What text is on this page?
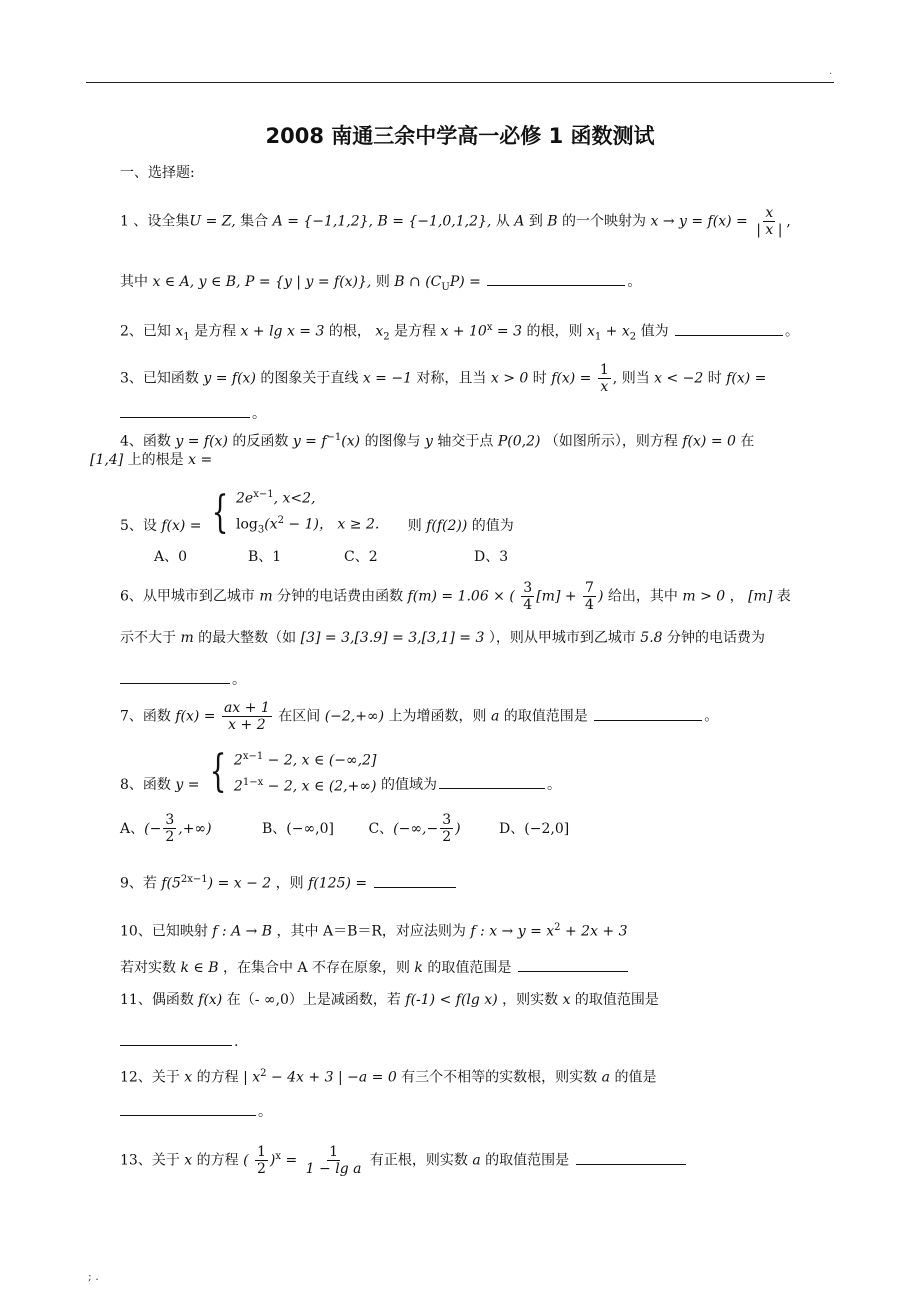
.
2008 南通三余中学高一必修 1 函数测试
一、选择题:
1 、设全集U = Z, 集合 A = {−1,1,2}, B = {−1,0,1,2}, 从 A 到 B 的一个映射为 $x \to y = f(x) = \frac{x}{| x |}$ ,
其中 x ∈ A, y ∈ B, P = {y | y = f(x)}, 则 B ∩ $(C_UP)$ =	。
2、已知 $x_1$ 是方程 x + lg x = 3 的根， $x_2$ 是方程 $x + 10^x = 3$ 的根，则 $x_1 + x_2$ 值为	。
3、已知函数 y = f(x) 的图象关于直线 x = −1 对称，且当 x > 0 时 $f(x) = \frac{1}{x}$ , 则当 x < −2 时 f(x) =
。
4、函数 y = f(x) 的反函数 $y = f^{-1}(x)$ 的图像与 y 轴交于点 P(0,2) （如图所示），则方程 f(x) = 0 在
[1,4] 上的根是 x =
5、设 f(x) = { $2e^{x-1}$, x<2,
$\log_3(x^2 - 1)$， x ≥ 2. 则 f(f(2)) 的值为
A、0	B、1	C、2	D、3
6、从甲城市到乙城市 m 分钟的电话费由函数 f(m) = 1.06 × ( $\frac{3}{4} [m] + \frac{7}{4}$ ) 给出，其中 m > 0 ， [m] 表
示不大于 m 的最大整数（如 [3] = 3,[3.9] = 3,[3,1] = 3 ），则从甲城市到乙城市 5.8 分钟的电话费为
。
7、函数 $f(x) = \frac{ax + 1}{x + 2}$ 在区间 (−2,+∞) 上为增函数，则 a 的取值范围是	。
8、函数 y = { $2^{x-1} - 2$, x ∈ (−∞,2]
$2^{1-x} - 2$, x ∈ (2,+∞) 的值域为	。
A、(− $\frac{3}{2}$ ,+∞)	B、(−∞,0] C、(−∞,− $\frac{3}{2}$ )	D、(−2,0]
9、若 $f(5^{2x-1}) = x - 2$ ，则 f(125) =
10、已知映射 f : A → B ，其中 A＝B＝R，对应法则为 f : $x \to y = x^2 + 2x + 3$
若对实数 k ∈ B ，在集合中 A 不存在原象，则 k 的取值范围是
11、偶函数 f(x) 在（- ∞,0）上是减函数，若 f(-1) < f(lg x) ，则实数 x 的取值范围是
.
12、关于 x 的方程 | $x^2 - 4x + 3$ | −a = 0 有三个不相等的实数根，则实数 a 的值是
。
13、关于 x 的方程 ( $\frac{1}{2} )^x = \frac{1}{\text{1 − lg a}}$ 有正根，则实数 a 的取值范围是
; .
